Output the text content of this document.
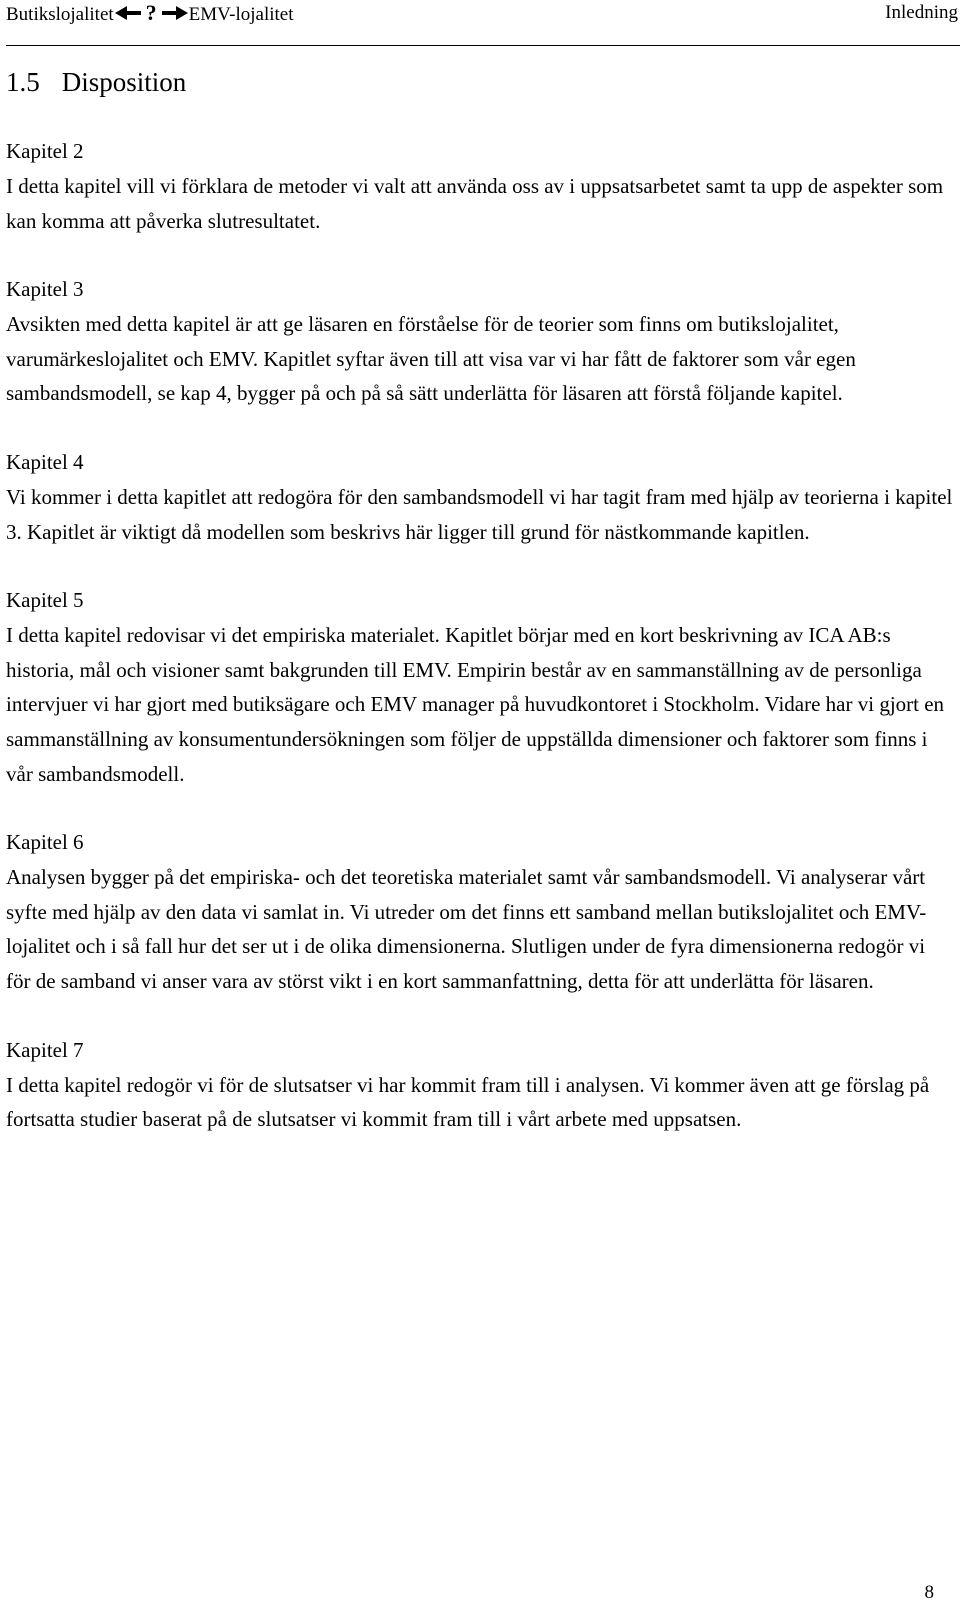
Butikslojalitet ? EMV-lojalitet	Inledning
1.5 Disposition

Kapitel 2

I detta kapitel vill vi förklara de metoder vi valt att använda oss av i uppsatsarbetet samt ta upp de aspekter som kan komma att påverka slutresultatet.

Kapitel 3

Avsikten med detta kapitel är att ge läsaren en förståelse för de teorier som finns om butikslojalitet, varumärkeslojalitet och EMV. Kapitlet syftar även till att visa var vi har fått de faktorer som vår egen sambandsmodell, se kap 4, bygger på och på så sätt underlätta för läsaren att förstå följande kapitel.

Kapitel 4

Vi kommer i detta kapitlet att redogöra för den sambandsmodell vi har tagit fram med hjälp av teorierna i kapitel 3. Kapitlet är viktigt då modellen som beskrivs här ligger till grund för nästkommande kapitlen.

Kapitel 5

I detta kapitel redovisar vi det empiriska materialet. Kapitlet börjar med en kort beskrivning av ICA AB:s historia, mål och visioner samt bakgrunden till EMV. Empirin består av en sammanställning av de personliga intervjuer vi har gjort med butiksägare och EMV manager på huvudkontoret i Stockholm. Vidare har vi gjort en sammanställning av konsumentundersökningen som följer de uppställda dimensioner och faktorer som finns i vår sambandsmodell.

Kapitel 6

Analysen bygger på det empiriska- och det teoretiska materialet samt vår sambandsmodell. Vi analyserar vårt syfte med hjälp av den data vi samlat in. Vi utreder om det finns ett samband mellan butikslojalitet och EMV-lojalitet och i så fall hur det ser ut i de olika dimensionerna. Slutligen under de fyra dimensionerna redogör vi för de samband vi anser vara av störst vikt i en kort sammanfattning, detta för att underlätta för läsaren.

Kapitel 7

I detta kapitel redogör vi för de slutsatser vi har kommit fram till i analysen. Vi kommer även att ge förslag på fortsatta studier baserat på de slutsatser vi kommit fram till i vårt arbete med uppsatsen.

8
